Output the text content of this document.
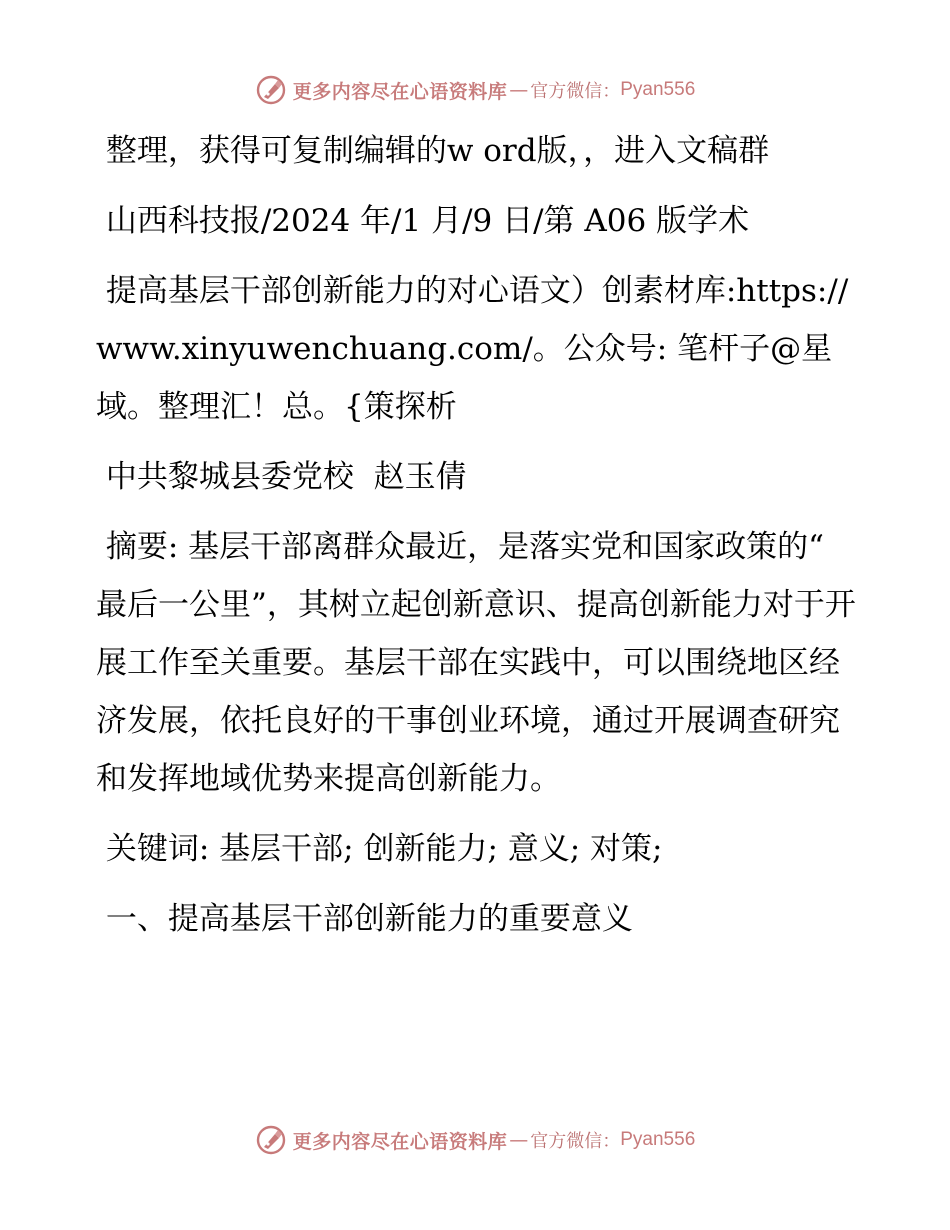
更多内容尽在心语资料库 — 官方微信： Pyan556

整理，获得可复制编辑的w ord版，，进入文稿群

山西科技报/2024 年/1 月/9 日/第 A06 版学术

提高基层干部创新能力的对心语文）创素材库:https://www.xinyuwenchuang.com/。公众号: 笔杆子@星域。整理汇！总。{策探析

中共黎城县委党校  赵玉倩

摘要: 基层干部离群众最近，是落实党和国家政策的“ 最后一公里”，其树立起创新意识、提高创新能力对于开展工作至关重要。基层干部在实践中，可以围绕地区经济发展，依托良好的干事创业环境，通过开展调查研究和发挥地域优势来提高创新能力。

关键词: 基层干部; 创新能力; 意义; 对策;

一、提高基层干部创新能力的重要意义

更多内容尽在心语资料库 — 官方微信： Pyan556
